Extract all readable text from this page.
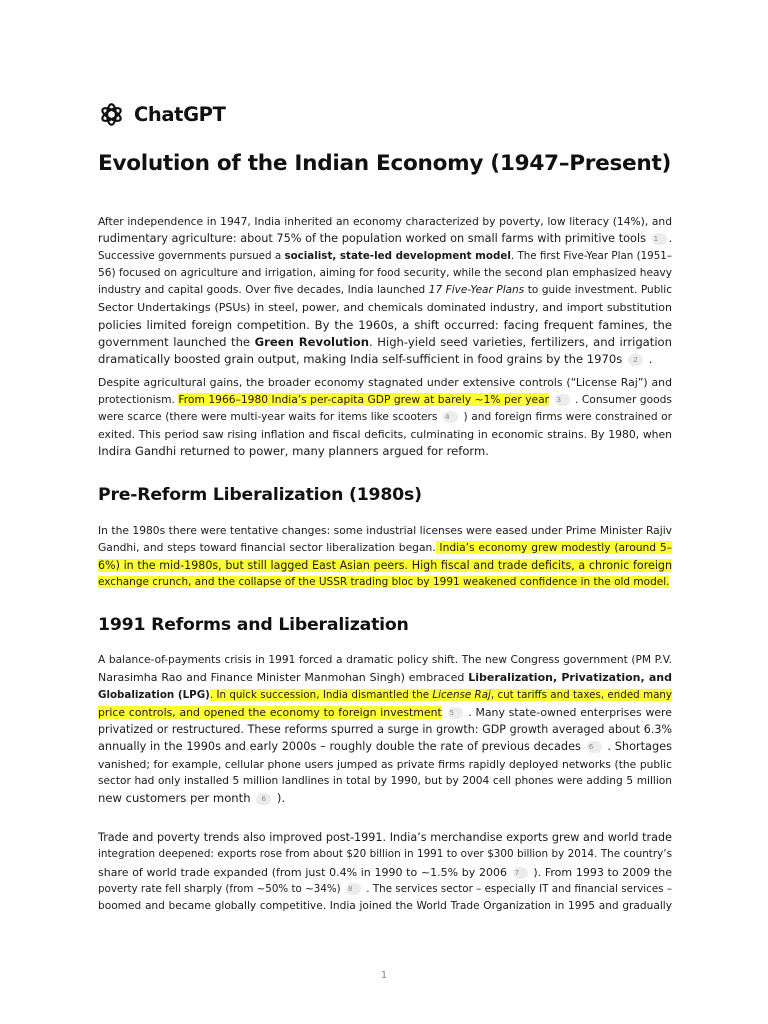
ChatGPT
Evolution of the Indian Economy (1947–Present)
After independence in 1947, India inherited an economy characterized by poverty, low literacy (14%), and
rudimentary agriculture: about 75% of the population worked on small farms with primitive tools 1 .
Successive governments pursued a socialist, state-led development model. The first Five-Year Plan (1951–
56) focused on agriculture and irrigation, aiming for food security, while the second plan emphasized heavy
industry and capital goods. Over five decades, India launched 17 Five-Year Plans to guide investment. Public
Sector Undertakings (PSUs) in steel, power, and chemicals dominated industry, and import substitution
policies limited foreign competition. By the 1960s, a shift occurred: facing frequent famines, the
government launched the Green Revolution. High-yield seed varieties, fertilizers, and irrigation
dramatically boosted grain output, making India self-sufficient in food grains by the 1970s 2 .
Despite agricultural gains, the broader economy stagnated under extensive controls (“License Raj”) and
protectionism. From 1966–1980 India’s per-capita GDP grew at barely ~1% per year 3 . Consumer goods
were scarce (there were multi-year waits for items like scooters 4 ) and foreign firms were constrained or
exited. This period saw rising inflation and fiscal deficits, culminating in economic strains. By 1980, when
Indira Gandhi returned to power, many planners argued for reform.
Pre-Reform Liberalization (1980s)
In the 1980s there were tentative changes: some industrial licenses were eased under Prime Minister Rajiv
Gandhi, and steps toward financial sector liberalization began. India’s economy grew modestly (around 5–
6%) in the mid-1980s, but still lagged East Asian peers. High fiscal and trade deficits, a chronic foreign
exchange crunch, and the collapse of the USSR trading bloc by 1991 weakened confidence in the old model.
1991 Reforms and Liberalization
A balance-of-payments crisis in 1991 forced a dramatic policy shift. The new Congress government (PM P.V.
Narasimha Rao and Finance Minister Manmohan Singh) embraced Liberalization, Privatization, and
Globalization (LPG). In quick succession, India dismantled the License Raj, cut tariffs and taxes, ended many
price controls, and opened the economy to foreign investment 5 . Many state-owned enterprises were
privatized or restructured. These reforms spurred a surge in growth: GDP growth averaged about 6.3%
annually in the 1990s and early 2000s – roughly double the rate of previous decades 6 . Shortages
vanished; for example, cellular phone users jumped as private firms rapidly deployed networks (the public
sector had only installed 5 million landlines in total by 1990, but by 2004 cell phones were adding 5 million
new customers per month 6 ).
Trade and poverty trends also improved post-1991. India’s merchandise exports grew and world trade
integration deepened: exports rose from about $20 billion in 1991 to over $300 billion by 2014. The country’s
share of world trade expanded (from just 0.4% in 1990 to ~1.5% by 2006 7 ). From 1993 to 2009 the
poverty rate fell sharply (from ~50% to ~34%) 8 . The services sector – especially IT and financial services –
boomed and became globally competitive. India joined the World Trade Organization in 1995 and gradually
1
